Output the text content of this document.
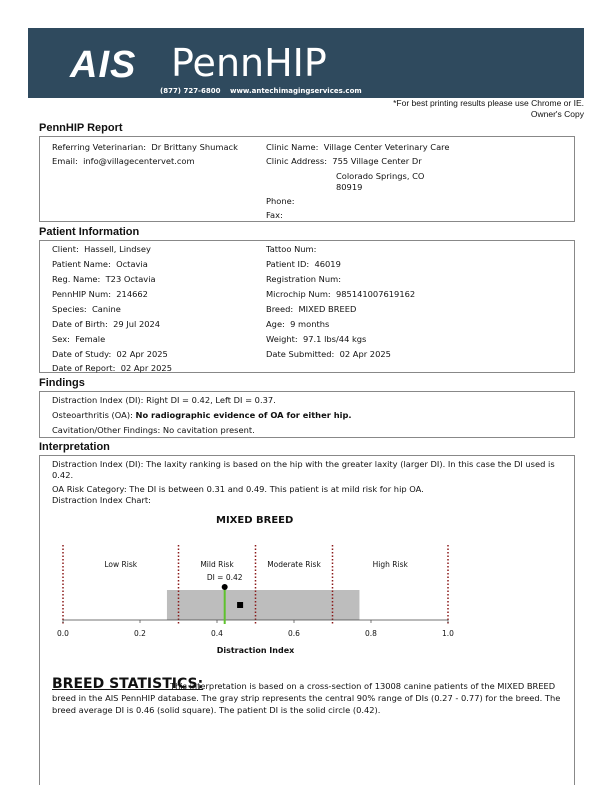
AIS PennHIP
(877) 727-6800 www.antechimagingservices.com
*For best printing results please use Chrome or IE.
Owner's Copy
PennHIP Report
Referring Veterinarian: Dr Brittany Shumack
Email: info@villagecentervet.com
Clinic Name: Village Center Veterinary Care
Clinic Address: 755 Village Center Dr
Colorado Springs, CO
80919
Phone:
Fax:
Patient Information
Client: Hassell, Lindsey
Patient Name: Octavia
Reg. Name: T23 Octavia
PennHIP Num: 214662
Species: Canine
Date of Birth: 29 Jul 2024
Sex: Female
Date of Study: 02 Apr 2025
Date of Report: 02 Apr 2025
Tattoo Num:
Patient ID: 46019
Registration Num:
Microchip Num: 985141007619162
Breed: MIXED BREED
Age: 9 months
Weight: 97.1 lbs/44 kgs
Date Submitted: 02 Apr 2025
Findings
Distraction Index (DI): Right DI = 0.42, Left DI = 0.37.
Osteoarthritis (OA): No radiographic evidence of OA for either hip.
Cavitation/Other Findings: No cavitation present.
Interpretation
Distraction Index (DI): The laxity ranking is based on the hip with the greater laxity (larger DI). In this case the DI used is
0.42.
OA Risk Category: The DI is between 0.31 and 0.49. This patient is at mild risk for hip OA.
Distraction Index Chart:
MIXED BREED
Low Risk	Mild Risk	Moderate Risk	High Risk
0.0	0.2	0.4	0.6	0.8	1.0
Distraction Index
DI = 0.42
This interpretation is based on a cross-section of 13008 canine patients of the MIXED BREED breed in the AIS PennHIP database. The gray strip represents the central 90% range of DIs (0.27 - 0.77) for the breed. The breed average DI is 0.46 (solid square). The patient DI is the solid circle (0.42).
BREED STATISTICS:
